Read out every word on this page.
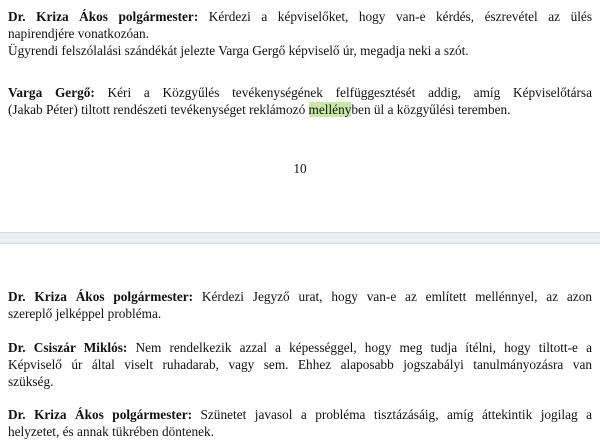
Dr. Kriza Ákos polgármester: Kérdezi a képviselőket, hogy van-e kérdés, észrevétel az ülés
napirendjére vonatkozóan.
Ügyrendi felszólalási szándékát jelezte Varga Gergő képviselő úr, megadja neki a szót.

Varga Gergő: Kéri a Közgyűlés tevékenységének felfüggesztését addig, amíg Képviselőtársa
(Jakab Péter) tiltott rendészeti tevékenységet reklámozó mellényben ül a közgyűlési teremben.

10

Dr. Kriza Ákos polgármester: Kérdezi Jegyző urat, hogy van-e az említett mellénnyel, az azon
szereplő jelképpel probléma.

Dr. Csiszár Miklós: Nem rendelkezik azzal a képességgel, hogy meg tudja ítélni, hogy tiltott-e a
Képviselő úr által viselt ruhadarab, vagy sem. Ehhez alaposabb jogszabályi tanulmányozásra van
szükség.

Dr. Kriza Ákos polgármester: Szünetet javasol a probléma tisztázásáig, amíg áttekintik jogilag a
helyzetet, és annak tükrében döntenek.
